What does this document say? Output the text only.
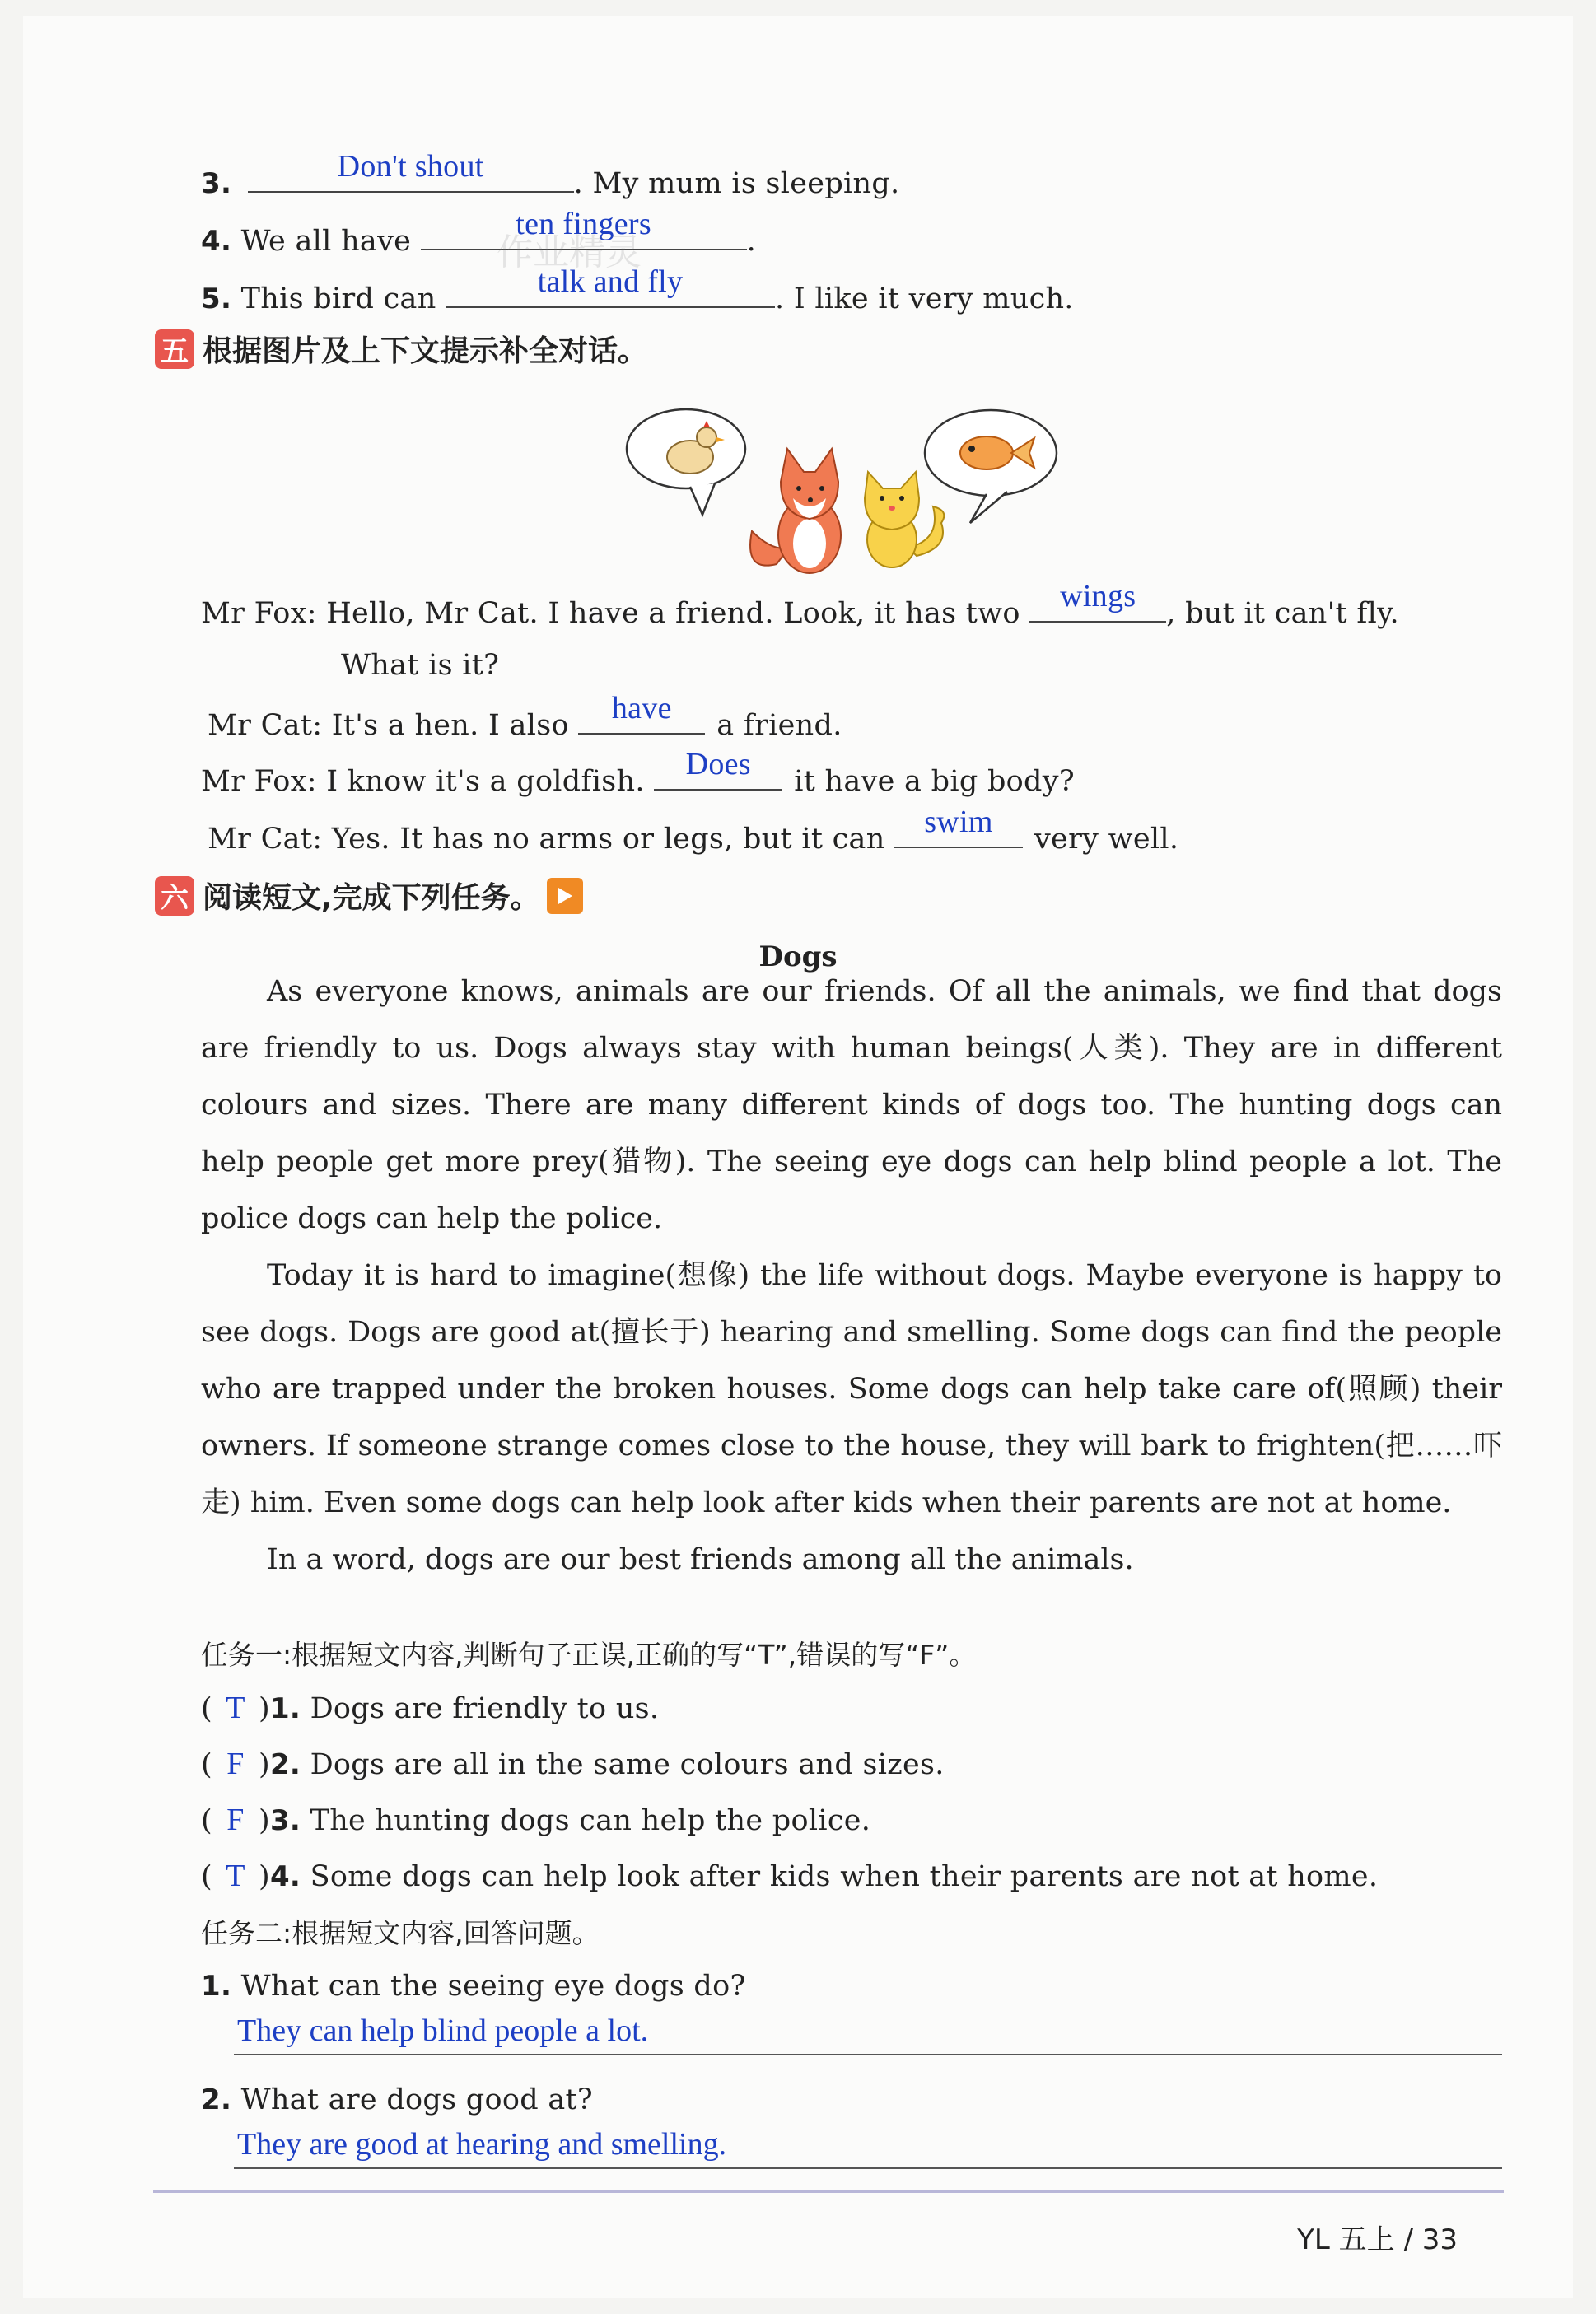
3.	Don't shout	. My mum is sleeping.
4. We all have	ten fingers	.
5. This bird can	talk and fly	. I like it very much.
五 根据图片及上下文提示补全对话。
Mr Fox: Hello, Mr Cat. I have a friend. Look, it has two	wings	, but it can't fly.
What is it?
Mr Cat: It's a hen. I also	have	a friend.
Mr Fox: I know it's a goldfish.	Does	it have a big body?
Mr Cat: Yes. It has no arms or legs, but it can	swim	very well.
六 阅读短文,完成下列任务。
Dogs

As everyone knows, animals are our friends. Of all the animals, we find that dogs are friendly to us. Dogs always stay with human beings(人类). They are in different colours and sizes. There are many different kinds of dogs too. The hunting dogs can help people get more prey(猎物). The seeing eye dogs can help blind people a lot. The police dogs can help the police.

Today it is hard to imagine(想像) the life without dogs. Maybe everyone is happy to see dogs. Dogs are good at(擅长于) hearing and smelling. Some dogs can find the people who are trapped under the broken houses. Some dogs can help take care of(照顾) their owners. If someone strange comes close to the house, they will bark to frighten(把……吓走) him. Even some dogs can help look after kids when their parents are not at home.

In a word, dogs are our best friends among all the animals.

任务一:根据短文内容,判断句子正误,正确的写“T”,错误的写“F”。
( T )1. Dogs are friendly to us.
( F )2. Dogs are all in the same colours and sizes.
( F )3. The hunting dogs can help the police.
( T )4. Some dogs can help look after kids when their parents are not at home.
任务二:根据短文内容,回答问题。
1. What can the seeing eye dogs do?
They can help blind people a lot.
2. What are dogs good at?
They are good at hearing and smelling.
YL 五上 / 33
作业精灵
